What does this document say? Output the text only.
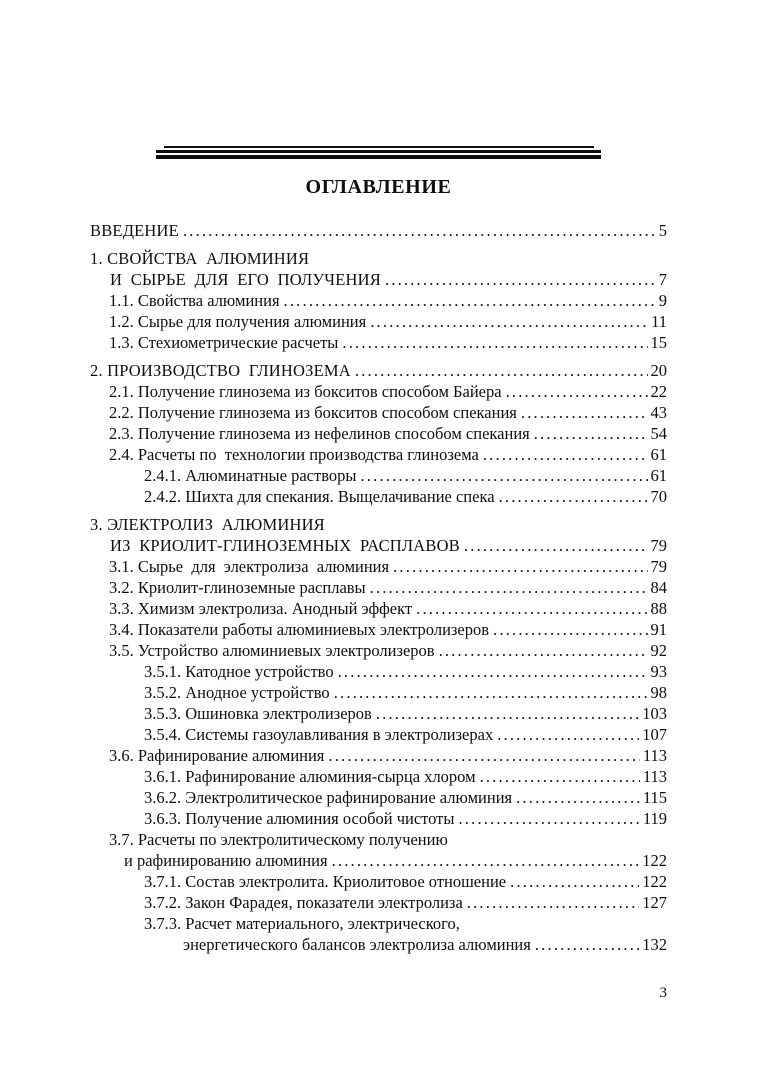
ОГЛАВЛЕНИЕ
ВВЕДЕНИЕ .....	5
1. СВОЙСТВА  АЛЮМИНИЯ
И  СЫРЬЕ  ДЛЯ  ЕГО  ПОЛУЧЕНИЯ .....	7
1.1. Свойства алюминия .....	9
1.2. Сырье для получения алюминия .....	11
1.3. Стехиометрические расчеты .....	15
2. ПРОИЗВОДСТВО  ГЛИНОЗЕМА .....	20
2.1. Получение глинозема из бокситов способом Байера .....	22
2.2. Получение глинозема из бокситов способом спекания .....	43
2.3. Получение глинозема из нефелинов способом спекания .....	54
2.4. Расчеты по  технологии производства глинозема .....	61
2.4.1. Алюминатные растворы .....	61
2.4.2. Шихта для спекания. Выщелачивание спека .....	70
3. ЭЛЕКТРОЛИЗ  АЛЮМИНИЯ
ИЗ  КРИОЛИТ-ГЛИНОЗЕМНЫХ  РАСПЛАВОВ .....	79
3.1. Сырье  для  электролиза  алюминия .....	79
3.2. Криолит-глиноземные расплавы .....	84
3.3. Химизм электролиза. Анодный эффект .....	88
3.4. Показатели работы алюминиевых электролизеров .....	91
3.5. Устройство алюминиевых электролизеров .....	92
3.5.1. Катодное устройство .....	93
3.5.2. Анодное устройство .....	98
3.5.3. Ошиновка электролизеров .....	103
3.5.4. Системы газоулавливания в электролизерах .....	107
3.6. Рафинирование алюминия .....	113
3.6.1. Рафинирование алюминия-сырца хлором .....	113
3.6.2. Электролитическое рафинирование алюминия .....	115
3.6.3. Получение алюминия особой чистоты .....	119
3.7. Расчеты по электролитическому получению
и рафинированию алюминия .....	122
3.7.1. Состав электролита. Криолитовое отношение .....	122
3.7.2. Закон Фарадея, показатели электролиза .....	127
3.7.3. Расчет материального, электрического,
энергетического балансов электролиза алюминия .....	132
3
